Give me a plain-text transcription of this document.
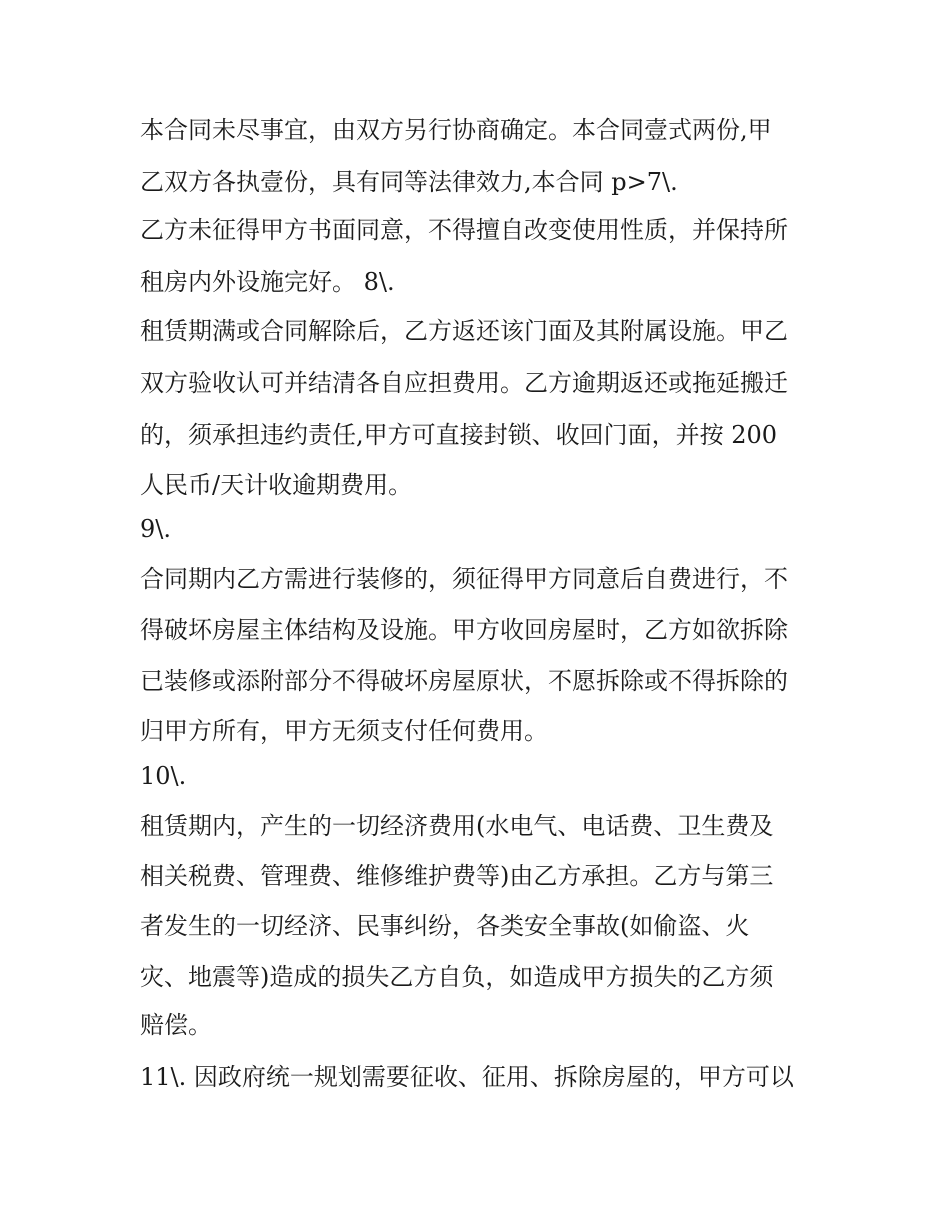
本合同未尽事宜，由双方另行协商确定。本合同壹式两份,甲

乙双方各执壹份，具有同等法律效力,本合同 p>7\.

乙方未征得甲方书面同意，不得擅自改变使用性质，并保持所

租房内外设施完好。 8\.

租赁期满或合同解除后，乙方返还该门面及其附属设施。甲乙

双方验收认可并结清各自应担费用。乙方逾期返还或拖延搬迁

的，须承担违约责任,甲方可直接封锁、收回门面，并按 200

人民币/天计收逾期费用。

9\.

合同期内乙方需进行装修的，须征得甲方同意后自费进行，不

得破坏房屋主体结构及设施。甲方收回房屋时，乙方如欲拆除

已装修或添附部分不得破坏房屋原状，不愿拆除或不得拆除的

归甲方所有，甲方无须支付任何费用。

10\.

租赁期内，产生的一切经济费用(水电气、电话费、卫生费及

相关税费、管理费、维修维护费等)由乙方承担。乙方与第三

者发生的一切经济、民事纠纷，各类安全事故(如偷盗、火

灾、地震等)造成的损失乙方自负，如造成甲方损失的乙方须

赔偿。

11\. 因政府统一规划需要征收、征用、拆除房屋的，甲方可以
